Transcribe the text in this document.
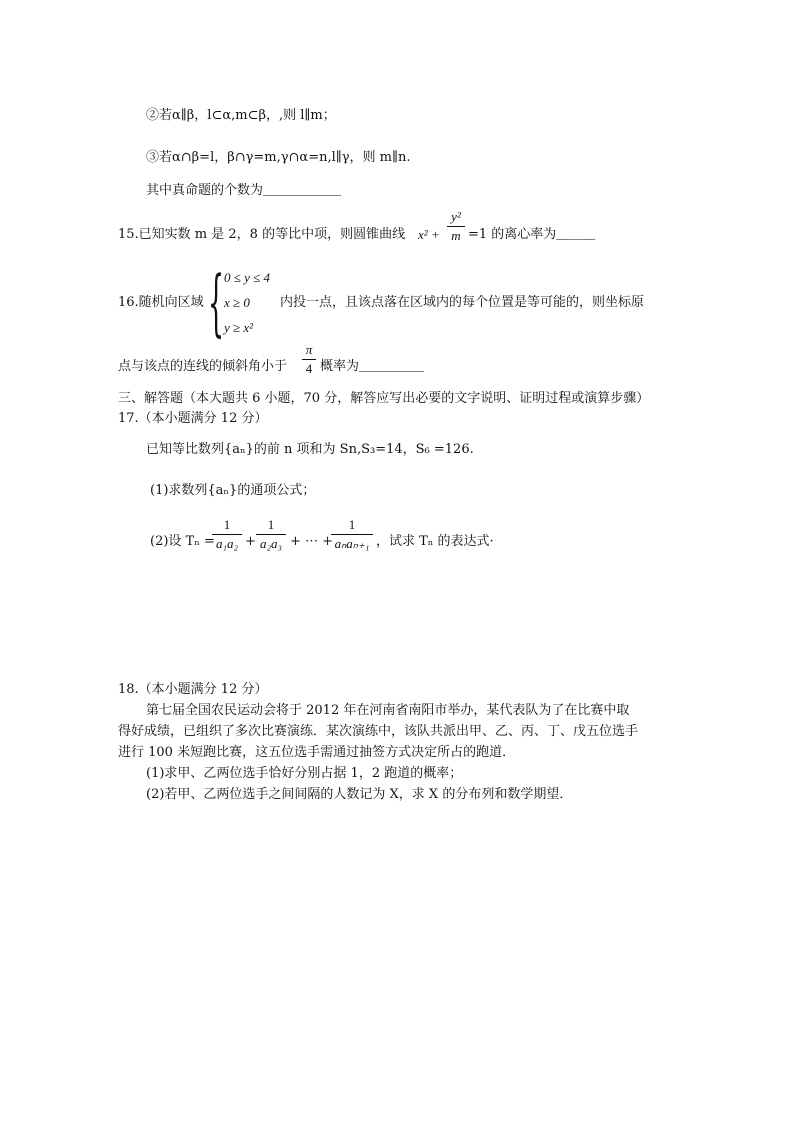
②若α∥β，l⊂α,m⊂β，,则 l∥m；
③若α∩β=l，β∩γ=m,γ∩α=n,l∥γ，则 m∥n.
其中真命题的个数为＿＿＿＿＿＿
15.已知实数 m 是 2，8 的等比中项，则圆锥曲线 x² +
y²
m =1 的离心率为＿＿＿
16.随机向区域 { 0 ≤ y ≤ 4
x ≥ 0
y ≥ x²
内投一点，且该点落在区域内的每个位置是等可能的，则坐标原
点与该点的连线的倾斜角小于
π
4 概率为＿＿＿＿＿
三、解答题（本大题共 6 小题，70 分，解答应写出必要的文字说明、证明过程或演算步骤）
17.（本小题满分 12 分）
已知等比数列{aₙ}的前 n 项和为 Sn,S₃=14，S₆ =126.
(1)求数列{aₙ}的通项公式；
(2)设 Tₙ =
1
a₁a₂ +
1
a₂a₃ + ⋯ +
1
aₙaₙ₊₁ ，试求 Tₙ 的表达式·
18.（本小题满分 12 分）
第七届全国农民运动会将于 2012 年在河南省南阳市举办，某代表队为了在比赛中取
得好成绩，已组织了多次比赛演练．某次演练中，该队共派出甲、乙、丙、丁、戊五位选手
进行 100 米短跑比赛，这五位选手需通过抽签方式决定所占的跑道．
(1)求甲、乙两位选手恰好分别占据 1，2 跑道的概率；
(2)若甲、乙两位选手之间间隔的人数记为 X，求 X 的分布列和数学期望．
